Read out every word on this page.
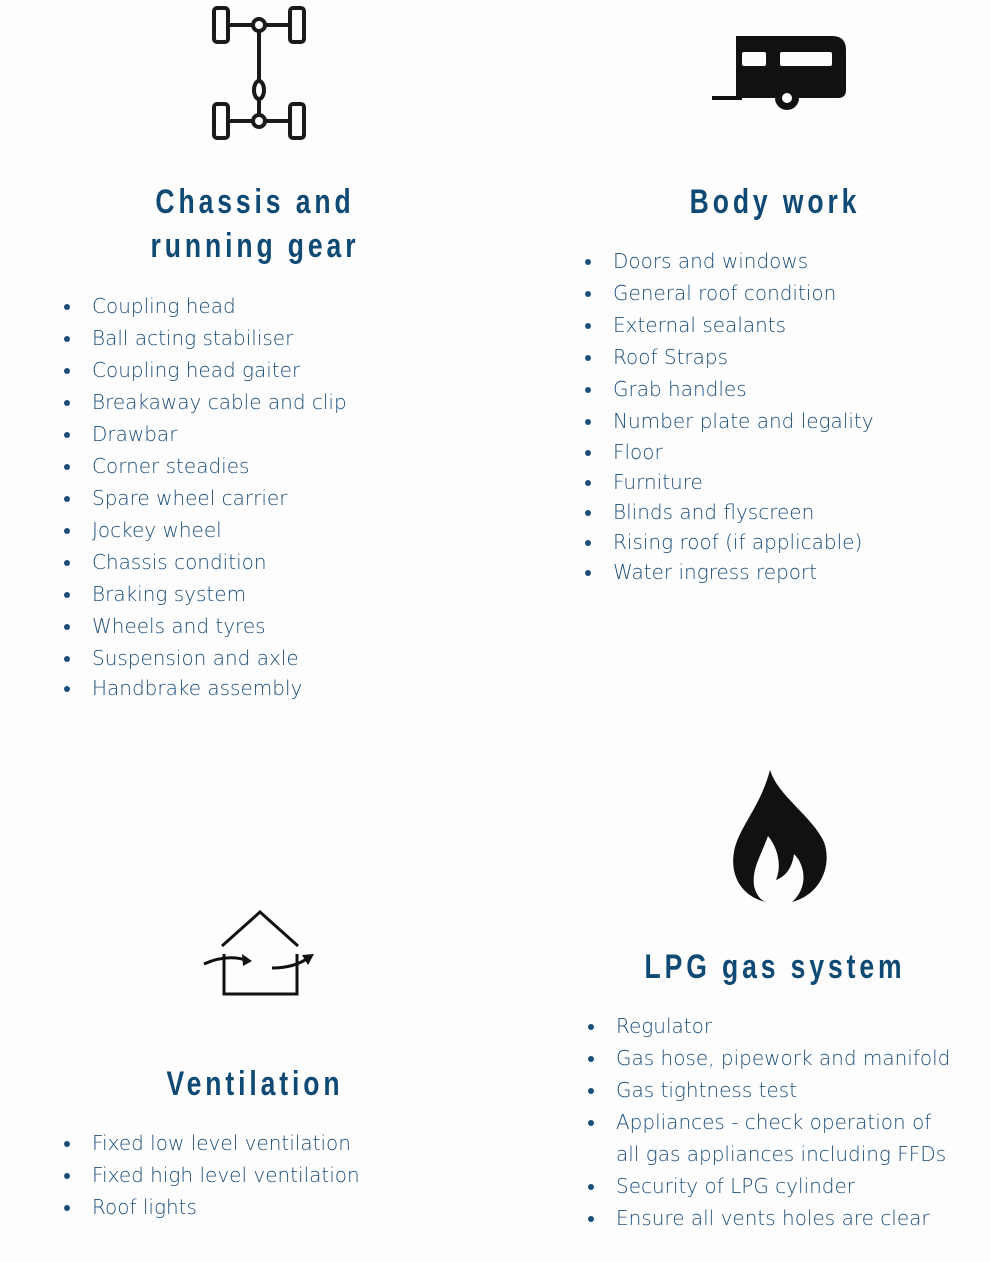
Chassis and
running gear
Coupling head
Ball acting stabiliser
Coupling head gaiter
Breakaway cable and clip
Drawbar
Corner steadies
Spare wheel carrier
Jockey wheel
Chassis condition
Braking system
Wheels and tyres
Suspension and axle
Handbrake assembly
Body work
Doors and windows
General roof condition
External sealants
Roof Straps
Grab handles
Number plate and legality
Floor
Furniture
Blinds and flyscreen
Rising roof (if applicable)
Water ingress report
Ventilation
Fixed low level ventilation
Fixed high level ventilation
Roof lights
LPG gas system
Regulator
Gas hose, pipework and manifold
Gas tightness test
Appliances - check operation of all gas appliances including FFDs
Security of LPG cylinder
Ensure all vents holes are clear
